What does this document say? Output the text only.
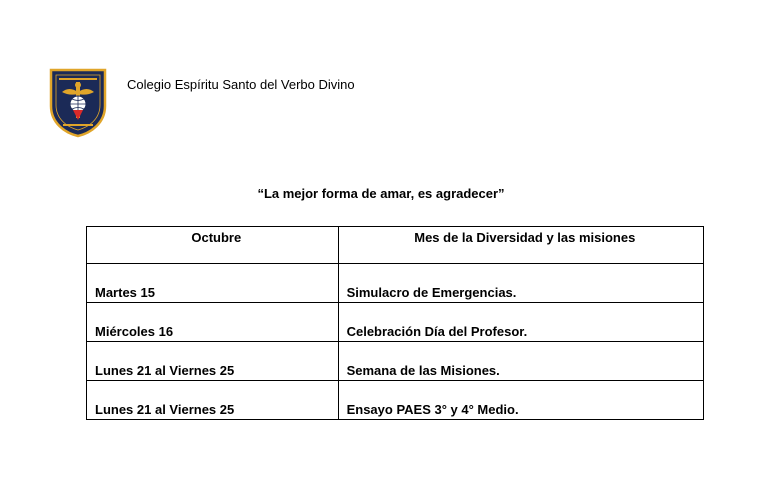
Colegio Espíritu Santo del Verbo Divino
“La mejor forma de amar, es agradecer”
Octubre	Mes de la Diversidad y las misiones
Martes 15	Simulacro de Emergencias.
Miércoles 16	Celebración Día del Profesor.
Lunes 21 al Viernes 25	Semana de las Misiones.
Lunes 21 al Viernes 25	Ensayo PAES 3° y 4° Medio.
